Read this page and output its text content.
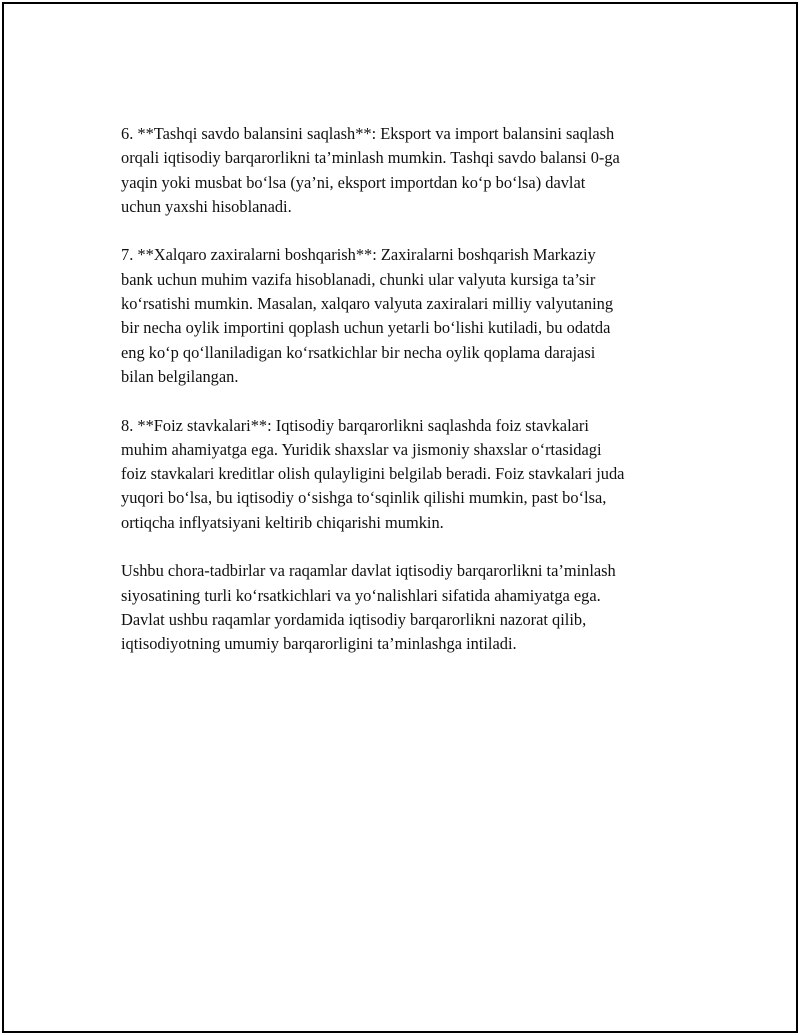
6. **Tashqi savdo balansini saqlash**: Eksport va import balansini saqlash
orqali iqtisodiy barqarorlikni ta’minlash mumkin. Tashqi savdo balansi 0-ga
yaqin yoki musbat bo‘lsa (ya’ni, eksport importdan ko‘p bo‘lsa) davlat
uchun yaxshi hisoblanadi.

7. **Xalqaro zaxiralarni boshqarish**: Zaxiralarni boshqarish Markaziy
bank uchun muhim vazifa hisoblanadi, chunki ular valyuta kursiga ta’sir
ko‘rsatishi mumkin. Masalan, xalqaro valyuta zaxiralari milliy valyutaning
bir necha oylik importini qoplash uchun yetarli bo‘lishi kutiladi, bu odatda
eng ko‘p qo‘llaniladigan ko‘rsatkichlar bir necha oylik qoplama darajasi
bilan belgilangan.

8. **Foiz stavkalari**: Iqtisodiy barqarorlikni saqlashda foiz stavkalari
muhim ahamiyatga ega. Yuridik shaxslar va jismoniy shaxslar o‘rtasidagi
foiz stavkalari kreditlar olish qulayligini belgilab beradi. Foiz stavkalari juda
yuqori bo‘lsa, bu iqtisodiy o‘sishga to‘sqinlik qilishi mumkin, past bo‘lsa,
ortiqcha inflyatsiyani keltirib chiqarishi mumkin.

Ushbu chora-tadbirlar va raqamlar davlat iqtisodiy barqarorlikni ta’minlash
siyosatining turli ko‘rsatkichlari va yo‘nalishlari sifatida ahamiyatga ega.
Davlat ushbu raqamlar yordamida iqtisodiy barqarorlikni nazorat qilib,
iqtisodiyotning umumiy barqarorligini ta’minlashga intiladi.
